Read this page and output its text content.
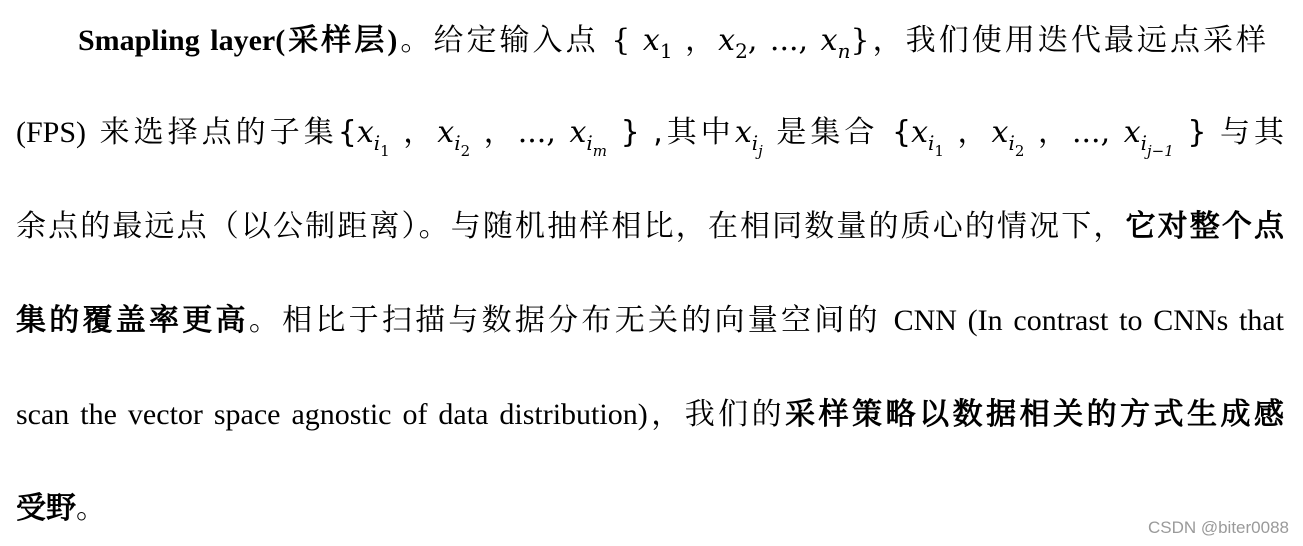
Smapling layer(采样层)。给定输入点 { $x_1$ ，$x_2$, ..., $x_n$}，我们使用迭代最远点采样
(FPS) 来选择点的子集{$x_{i_1}$ ，$x_{i_2}$ ，..., $x_{i_m}$ } ,其中$x_{i_j}$ 是集合 {$x_{i_1}$ ，$x_{i_2}$ ，..., $x_{i_{j-1}}$ } 与其
余点的最远点（以公制距离）。与随机抽样相比，在相同数量的质心的情况下，它对整个点
集的覆盖率更高。相比于扫描与数据分布无关的向量空间的 CNN (In contrast to CNNs that
scan the vector space agnostic of data distribution)，我们的采样策略以数据相关的方式生成感
受野。
CSDN @biter0088
